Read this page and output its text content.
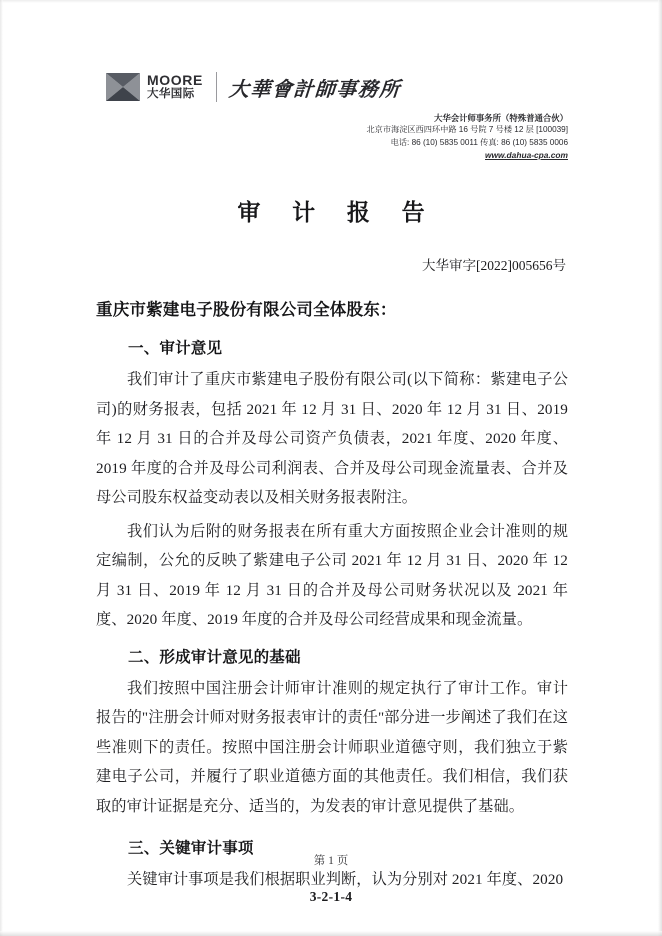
MOORE
大华国际	大華會計師事務所
大华会计师事务所（特殊普通合伙）
北京市海淀区西四环中路 16 号院 7 号楼 12 层 [100039]
电话: 86 (10) 5835 0011 传真: 86 (10) 5835 0006
www.dahua-cpa.com
审 计 报 告
大华审字[2022]005656号
重庆市紫建电子股份有限公司全体股东：
一、审计意见

我们审计了重庆市紫建电子股份有限公司(以下简称：紫建电子公司)的财务报表，包括 2021 年 12 月 31 日、2020 年 12 月 31 日、2019 年 12 月 31 日的合并及母公司资产负债表，2021 年度、2020 年度、2019 年度的合并及母公司利润表、合并及母公司现金流量表、合并及母公司股东权益变动表以及相关财务报表附注。

我们认为后附的财务报表在所有重大方面按照企业会计准则的规定编制，公允的反映了紫建电子公司 2021 年 12 月 31 日、2020 年 12 月 31 日、2019 年 12 月 31 日的合并及母公司财务状况以及 2021 年度、2020 年度、2019 年度的合并及母公司经营成果和现金流量。

二、形成审计意见的基础

我们按照中国注册会计师审计准则的规定执行了审计工作。审计报告的"注册会计师对财务报表审计的责任"部分进一步阐述了我们在这些准则下的责任。按照中国注册会计师职业道德守则，我们独立于紫建电子公司，并履行了职业道德方面的其他责任。我们相信，我们获取的审计证据是充分、适当的，为发表的审计意见提供了基础。

三、关键审计事项

关键审计事项是我们根据职业判断，认为分别对 2021 年度、2020

第 1 页
3-2-1-4
